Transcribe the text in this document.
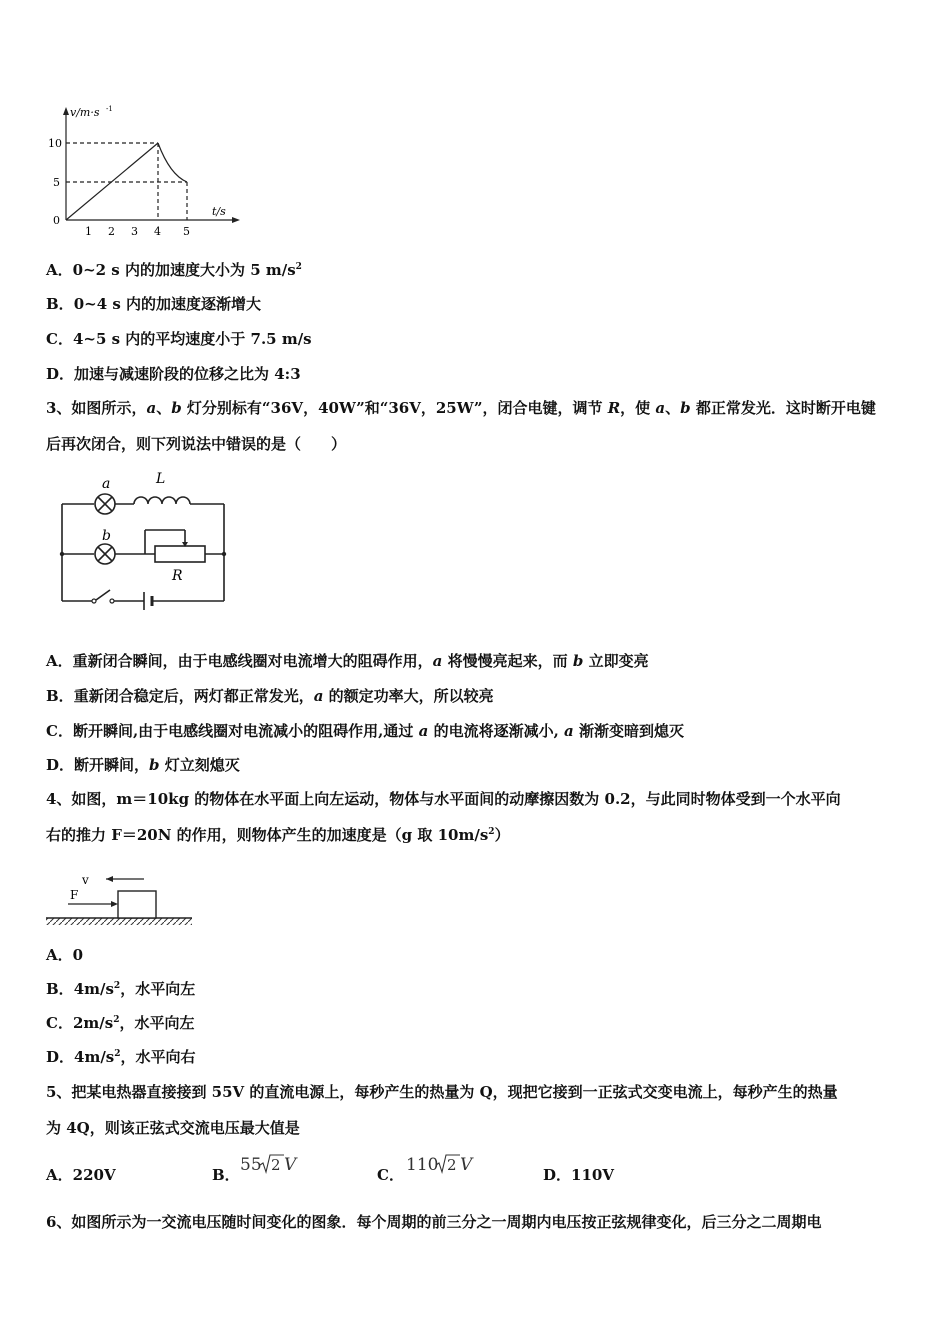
v/m·s -1
t/s
10
5
0
1 2 3 4 5
A．0~2 s 内的加速度大小为 5 $m/s^2$
B．0~4 s 内的加速度逐渐增大
C．4~5 s 内的平均速度小于 7.5 m/s
D．加速与减速阶段的位移之比为 4:3
3、如图所示，a、b 灯分别标有“36V，40W”和“36V，25W”，闭合电键，调节 R，使 a、b 都正常发光．这时断开电键
后再次闭合，则下列说法中错误的是（　　）
a	L
b
R
A．重新闭合瞬间，由于电感线圈对电流增大的阻碍作用，a 将慢慢亮起来，而 b 立即变亮
B．重新闭合稳定后，两灯都正常发光，a 的额定功率大，所以较亮
C．断开瞬间,由于电感线圈对电流减小的阻碍作用,通过 a 的电流将逐渐减小, a 渐渐变暗到熄灭
D．断开瞬间，b 灯立刻熄灭
4、如图，m＝10kg 的物体在水平面上向左运动，物体与水平面间的动摩擦因数为 0.2，与此同时物体受到一个水平向
右的推力 F＝20N 的作用，则物体产生的加速度是（g 取 $10m/s^2$）
v
F
A．0
B．$4m/s^2$，水平向左
C．$2m/s^2$，水平向左
D．$4m/s^2$，水平向右
5、把某电热器直接接到 55V 的直流电源上，每秒产生的热量为 Q，现把它接到一正弦式交变电流上，每秒产生的热量
为 4Q，则该正弦式交流电压最大值是
A．220V	B． 55 2 V	C． 110 2 V	D．110V
6、如图所示为一交流电压随时间变化的图象．每个周期的前三分之一周期内电压按正弦规律变化，后三分之二周期电
